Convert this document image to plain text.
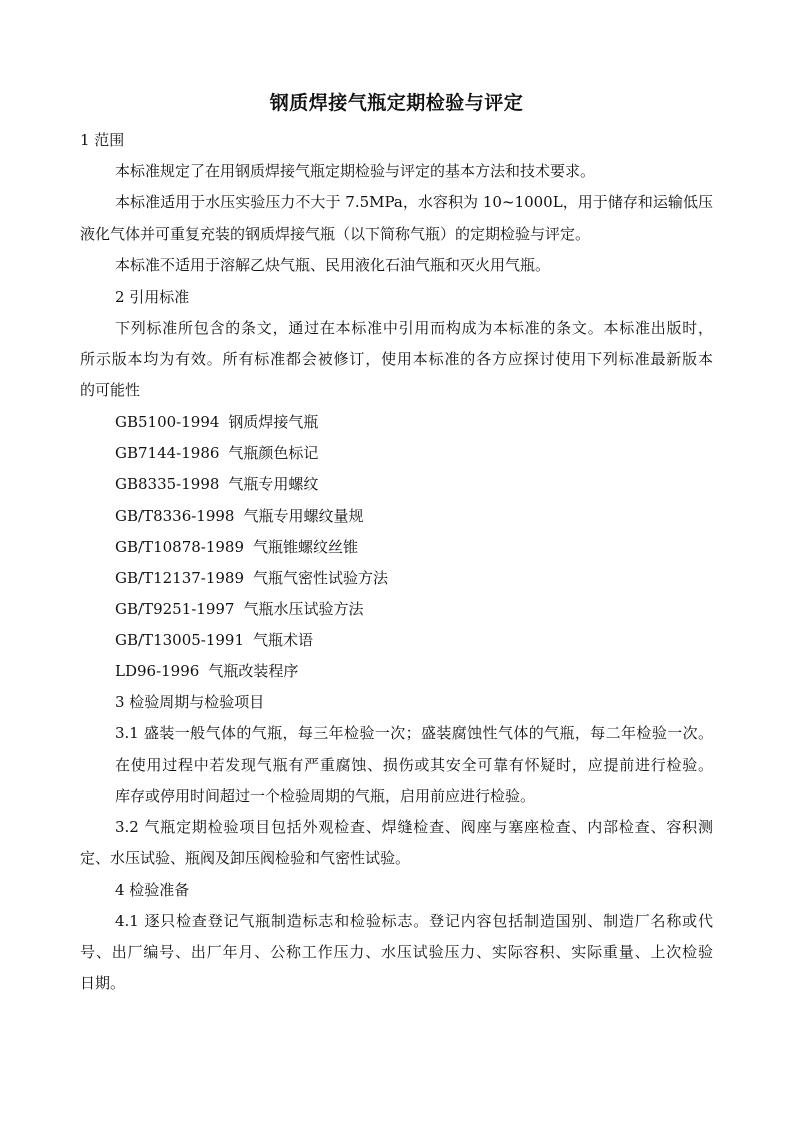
钢质焊接气瓶定期检验与评定
1 范围
本标准规定了在用钢质焊接气瓶定期检验与评定的基本方法和技术要求。
本标准适用于水压实验压力不大于 7.5MPa，水容积为 10~1000L，用于储存和运输低压
液化气体并可重复充装的钢质焊接气瓶（以下简称气瓶）的定期检验与评定。
本标准不适用于溶解乙炔气瓶、民用液化石油气瓶和灭火用气瓶。
2 引用标准
下列标准所包含的条文，通过在本标准中引用而构成为本标准的条文。本标准出版时，
所示版本均为有效。所有标准都会被修订，使用本标准的各方应探讨使用下列标准最新版本
的可能性
GB5100-1994 钢质焊接气瓶
GB7144-1986 气瓶颜色标记
GB8335-1998 气瓶专用螺纹
GB/T8336-1998 气瓶专用螺纹量规
GB/T10878-1989 气瓶锥螺纹丝锥
GB/T12137-1989 气瓶气密性试验方法
GB/T9251-1997 气瓶水压试验方法
GB/T13005-1991 气瓶术语
LD96-1996 气瓶改装程序
3 检验周期与检验项目
3.1 盛装一般气体的气瓶，每三年检验一次；盛装腐蚀性气体的气瓶，每二年检验一次。
在使用过程中若发现气瓶有严重腐蚀、损伤或其安全可靠有怀疑时，应提前进行检验。
库存或停用时间超过一个检验周期的气瓶，启用前应进行检验。
3.2 气瓶定期检验项目包括外观检查、焊缝检查、阀座与塞座检查、内部检查、容积测
定、水压试验、瓶阀及卸压阀检验和气密性试验。
4 检验准备
4.1 逐只检查登记气瓶制造标志和检验标志。登记内容包括制造国别、制造厂名称或代
号、出厂编号、出厂年月、公称工作压力、水压试验压力、实际容积、实际重量、上次检验
日期。
